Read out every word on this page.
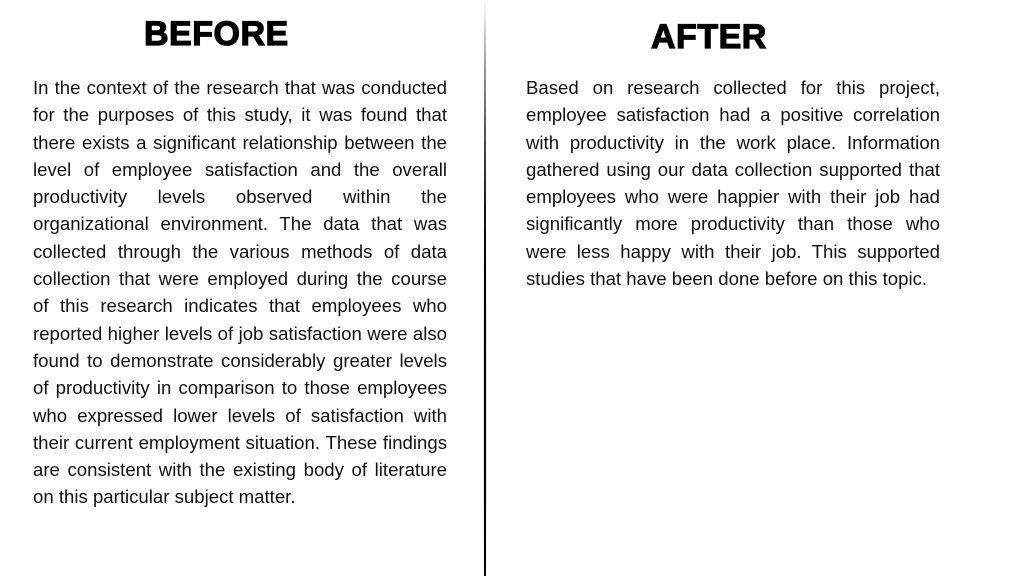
BEFORE

In the context of the research that was conducted for the purposes of this study, it was found that there exists a significant relationship between the level of employee satisfaction and the overall productivity levels observed within the organizational environment. The data that was collected through the various methods of data collection that were employed during the course of this research indicates that employees who reported higher levels of job satisfaction were also found to demonstrate considerably greater levels of productivity in comparison to those employees who expressed lower levels of satisfaction with their current employment situation. These findings are consistent with the existing body of literature on this particular subject matter.

AFTER

Based on research collected for this project, employee satisfaction had a positive correlation with productivity in the work place. Information gathered using our data collection supported that employees who were happier with their job had significantly more productivity than those who were less happy with their job. This supported studies that have been done before on this topic.
